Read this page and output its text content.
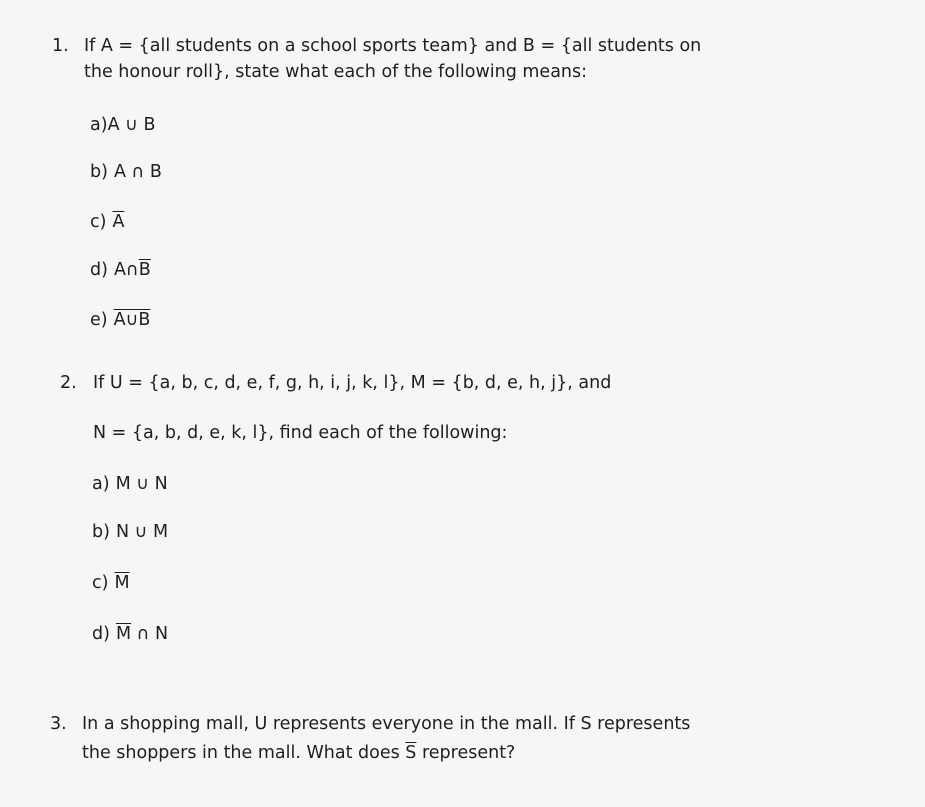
1. If A = {all students on a school sports team} and B = {all students on
the honour roll}, state what each of the following means:
a)A ∪ B
b) A ∩ B
c) $\overline{A}$
d) $A\cap\overline{B}$
e) A∪B
2. If U = {a, b, c, d, e, f, g, h, i, j, k, l}, M = {b, d, e, h, j}, and
N = {a, b, d, e, k, l}, find each of the following:
a) M ∪ N
b) N ∪ M
c) $\overline{M}$
d) $\overline{M}$ ∩ N
3. In a shopping mall, U represents everyone in the mall. If S represents
the shoppers in the mall. What does $\overline{S}$ represent?
